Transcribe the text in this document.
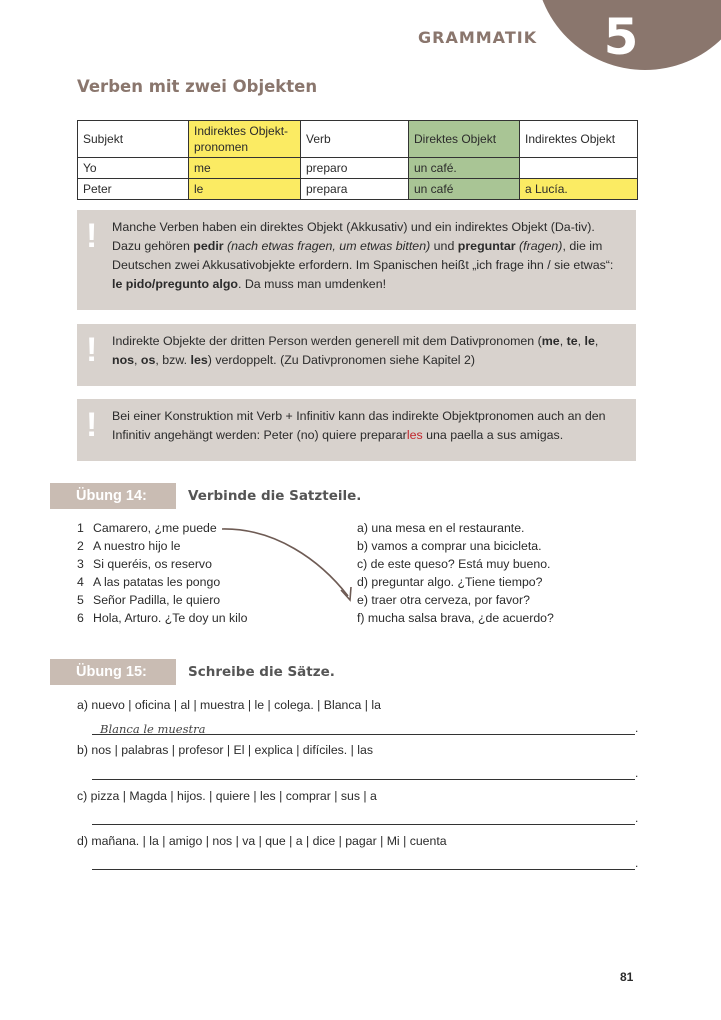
5
GRAMMATIK
Verben mit zwei Objekten
Subjekt	Indirektes Objekt-pronomen	Verb	Direktes Objekt	Indirektes Objekt
Yo	me	preparo	un café.	
Peter	le	prepara	un café	a Lucía.
! Manche Verben haben ein direktes Objekt (Akkusativ) und ein indirektes Objekt (Da-tiv). Dazu gehören pedir (nach etwas fragen, um etwas bitten) und preguntar (fragen), die im Deutschen zwei Akkusativobjekte erfordern. Im Spanischen heißt „ich frage ihn / sie etwas“: le pido/pregunto algo. Da muss man umdenken!

! Indirekte Objekte der dritten Person werden generell mit dem Dativpronomen (me, te, le, nos, os, bzw. les) verdoppelt. (Zu Dativpronomen siehe Kapitel 2)

! Bei einer Konstruktion mit Verb + Infinitiv kann das indirekte Objektpronomen auch an den Infinitiv angehängt werden: Peter (no) quiere prepararles una paella a sus amigas.

Übung 14:	Verbinde die Satzteile.
1 Camarero, ¿me puede
2 A nuestro hijo le
3 Si queréis, os reservo
4 A las patatas les pongo
5 Señor Padilla, le quiero
6 Hola, Arturo. ¿Te doy un kilo
a) una mesa en el restaurante.
b) vamos a comprar una bicicleta.
c) de este queso? Está muy bueno.
d) preguntar algo. ¿Tiene tiempo?
e) traer otra cerveza, por favor?
f) mucha salsa brava, ¿de acuerdo?
Übung 15:	Schreibe die Sätze.
a) nuevo | oficina | al | muestra | le | colega. | Blanca | la
Blanca le muestra	.
b) nos | palabras | profesor | El | explica | difíciles. | las
.
c) pizza | Magda | hijos. | quiere | les | comprar | sus | a
.
d) mañana. | la | amigo | nos | va | que | a | dice | pagar | Mi | cuenta
.
81
